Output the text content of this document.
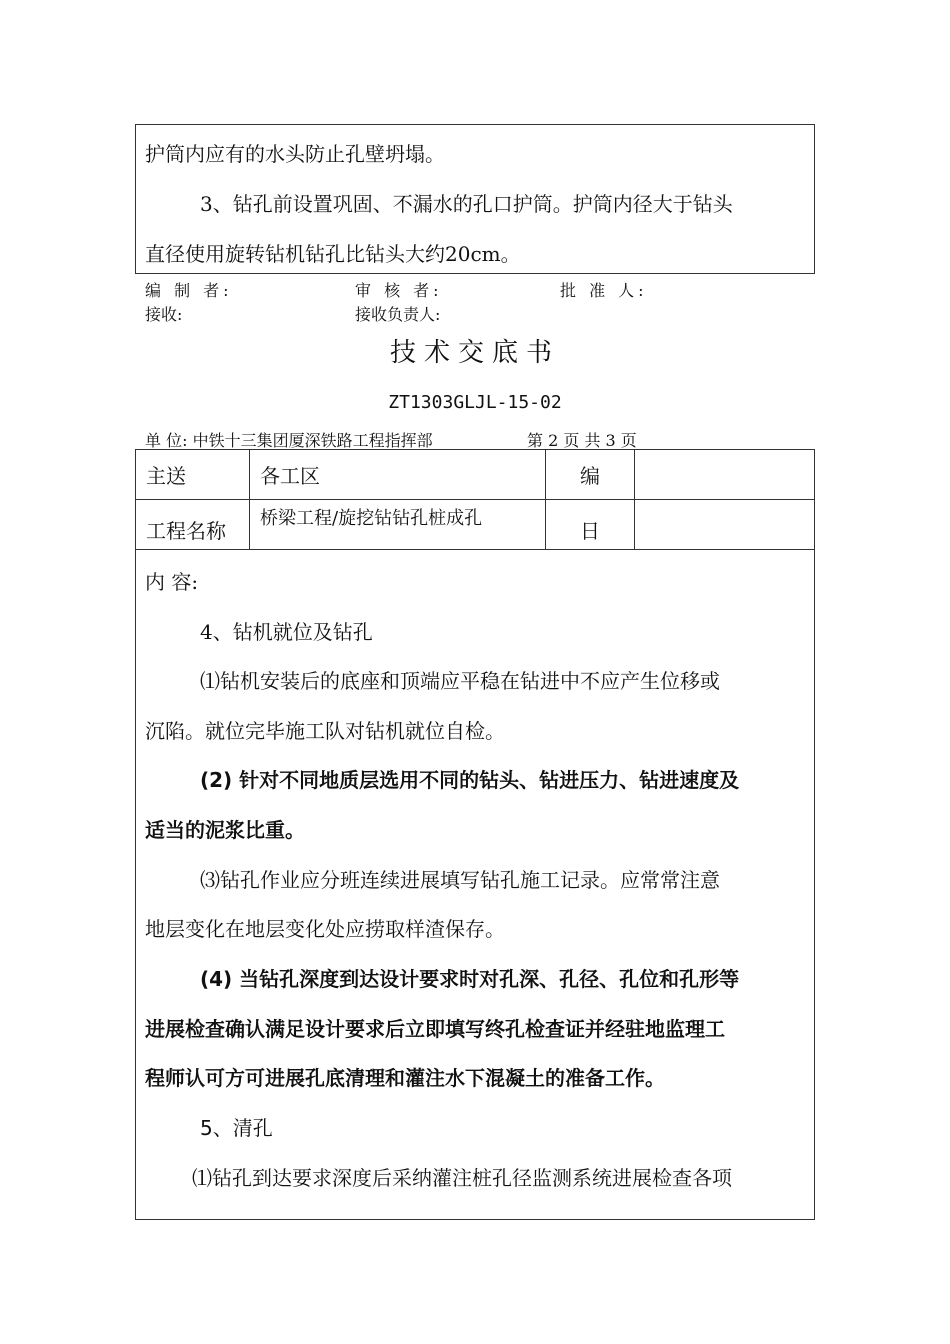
护筒内应有的水头防止孔壁坍塌。
3、钻孔前设置巩固、不漏水的孔口护筒。护筒内径大于钻头
直径使用旋转钻机钻孔比钻头大约20cm。
编 制 者:	审 核 者:	批 准 人:
接收:	接收负责人:
技术交底书
ZT1303GLJL-15-02
单 位: 中铁十三集团厦深铁路工程指挥部	第 2 页 共 3 页
主送	各工区	编	
工程名称	桥梁工程/旋挖钻钻孔桩成孔	日	
内 容:
4、钻机就位及钻孔
⑴钻机安装后的底座和顶端应平稳在钻进中不应产生位移或
沉陷。就位完毕施工队对钻机就位自检。
(2) 针对不同地质层选用不同的钻头、钻进压力、钻进速度及
适当的泥浆比重。
⑶钻孔作业应分班连续进展填写钻孔施工记录。应常常注意
地层变化在地层变化处应捞取样渣保存。
(4) 当钻孔深度到达设计要求时对孔深、孔径、孔位和孔形等
进展检查确认满足设计要求后立即填写终孔检查证并经驻地监理工
程师认可方可进展孔底清理和灌注水下混凝土的准备工作。
5、清孔
⑴钻孔到达要求深度后采纳灌注桩孔径监测系统进展检查各项
